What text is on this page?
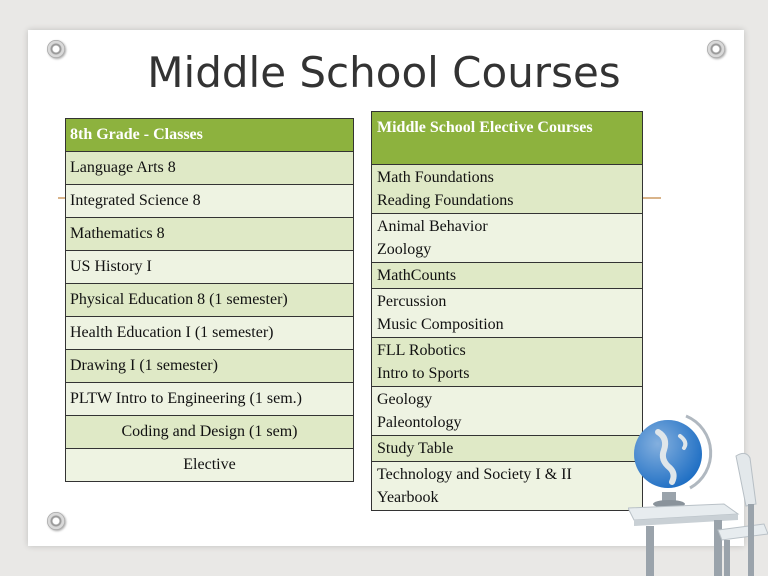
Middle School Courses
8th Grade - Classes
Language Arts 8
Integrated Science 8
Mathematics 8
US History I
Physical Education 8 (1 semester)
Health Education I (1 semester)
Drawing I (1 semester)
PLTW Intro to Engineering (1 sem.)
Coding and Design (1 sem)
Elective
Middle School Elective Courses

Math Foundations
Reading Foundations

Animal Behavior
Zoology

MathCounts

Percussion
Music Composition

FLL Robotics
Intro to Sports

Geology
Paleontology

Study Table

Technology and Society I & II
Yearbook
